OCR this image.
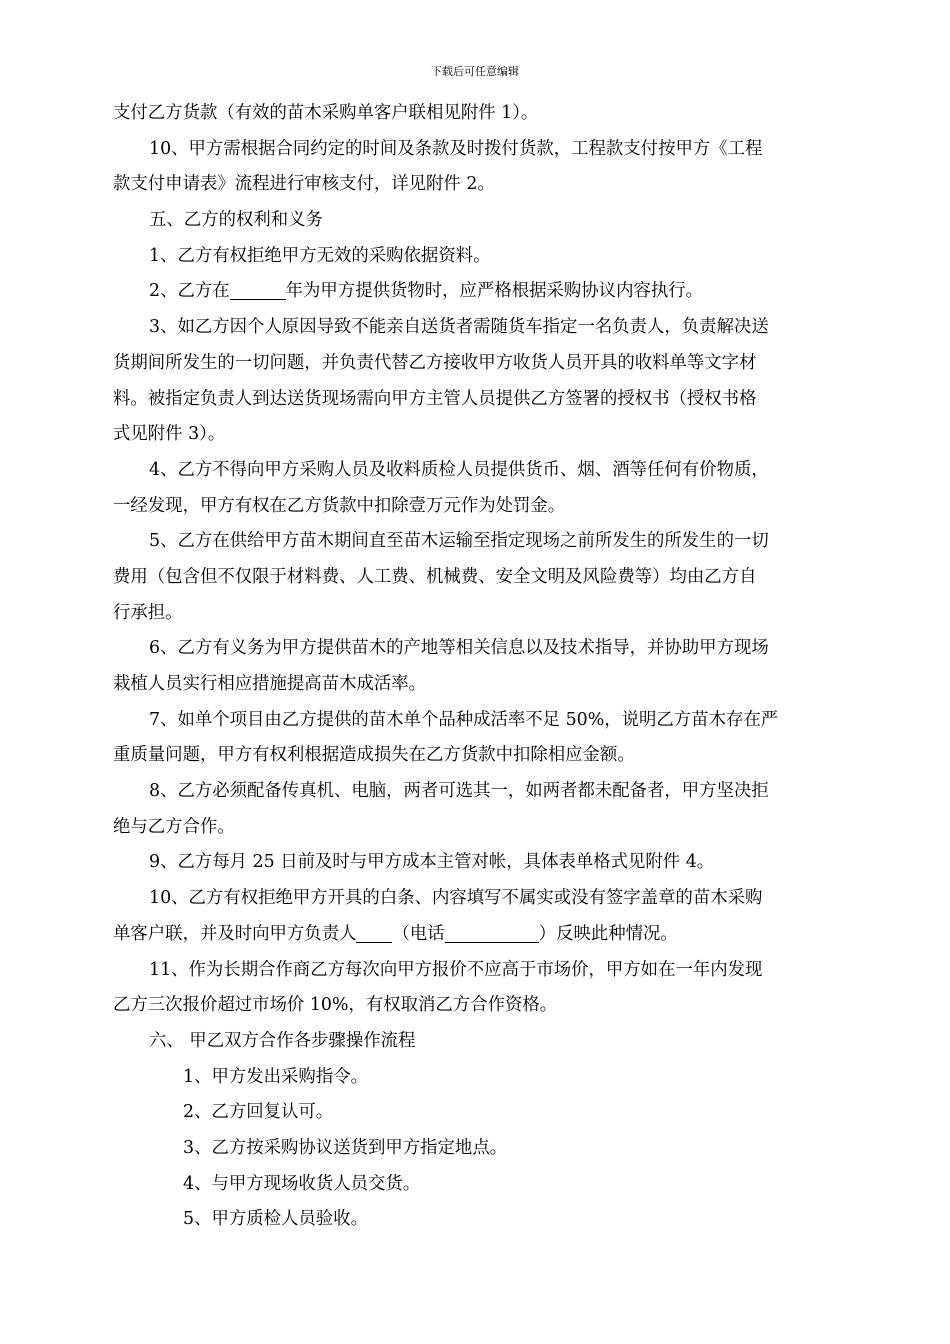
下载后可任意编辑
支付乙方货款（有效的苗木采购单客户联相见附件 1）。
10、甲方需根据合同约定的时间及条款及时拨付货款，工程款支付按甲方《工程
款支付申请表》流程进行审核支付，详见附件 2。
五、乙方的权利和义务
1、乙方有权拒绝甲方无效的采购依据资料。
2、乙方在	年为甲方提供货物时，应严格根据采购协议内容执行。
3、如乙方因个人原因导致不能亲自送货者需随货车指定一名负责人，负责解决送
货期间所发生的一切问题，并负责代替乙方接收甲方收货人员开具的收料单等文字材
料。被指定负责人到达送货现场需向甲方主管人员提供乙方签署的授权书（授权书格
式见附件 3）。
4、乙方不得向甲方采购人员及收料质检人员提供货币、烟、酒等任何有价物质，
一经发现，甲方有权在乙方货款中扣除壹万元作为处罚金。
5、乙方在供给甲方苗木期间直至苗木运输至指定现场之前所发生的所发生的一切
费用（包含但不仅限于材料费、人工费、机械费、安全文明及风险费等）均由乙方自
行承担。
6、乙方有义务为甲方提供苗木的产地等相关信息以及技术指导，并协助甲方现场
栽植人员实行相应措施提高苗木成活率。
7、如单个项目由乙方提供的苗木单个品种成活率不足 50%，说明乙方苗木存在严
重质量问题，甲方有权利根据造成损失在乙方货款中扣除相应金额。
8、乙方必须配备传真机、电脑，两者可选其一，如两者都未配备者，甲方坚决拒
绝与乙方合作。
9、乙方每月 25 日前及时与甲方成本主管对帐，具体表单格式见附件 4。
10、乙方有权拒绝甲方开具的白条、内容填写不属实或没有签字盖章的苗木采购
单客户联，并及时向甲方负责人 （电话	）反映此种情况。
11、作为长期合作商乙方每次向甲方报价不应高于市场价，甲方如在一年内发现
乙方三次报价超过市场价 10%，有权取消乙方合作资格。
六、 甲乙双方合作各步骤操作流程
1、甲方发出采购指令。
2、乙方回复认可。
3、乙方按采购协议送货到甲方指定地点。
4、与甲方现场收货人员交货。
5、甲方质检人员验收。
